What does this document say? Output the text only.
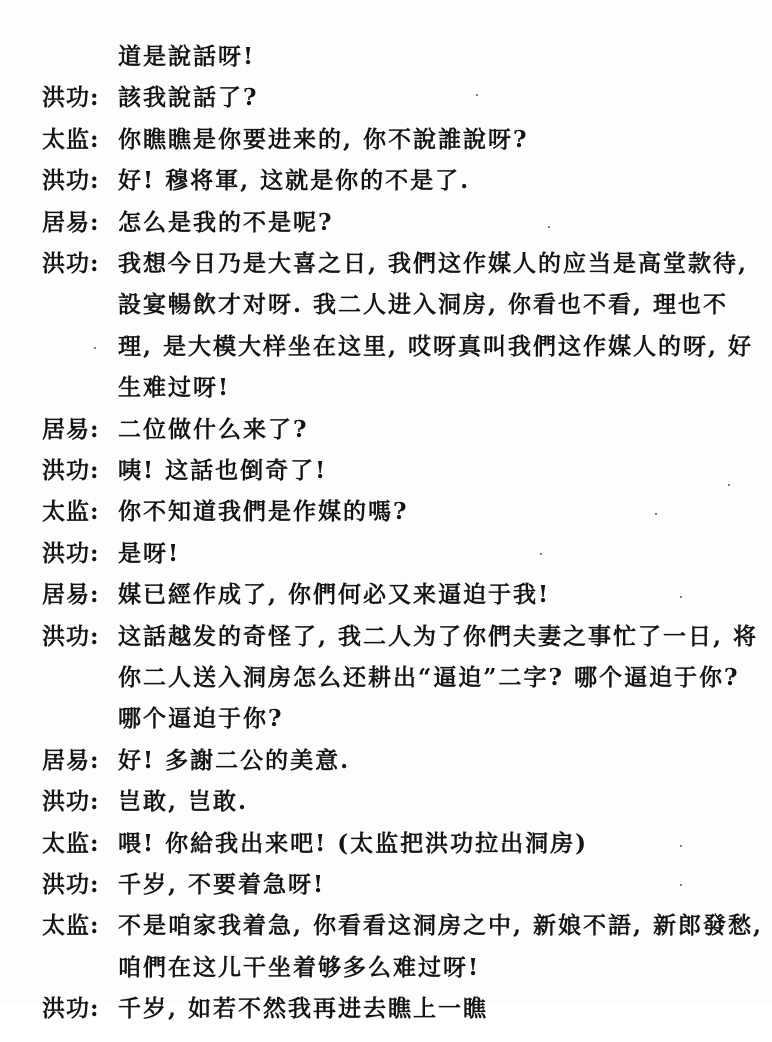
道是說話呀!
洪功: 該我說話了?
太监: 你瞧瞧是你要进来的, 你不說誰說呀?
洪功: 好! 穆将軍, 这就是你的不是了.
居易: 怎么是我的不是呢?
洪功: 我想今日乃是大喜之日, 我們这作媒人的应当是高堂款待,
設宴暢飲才对呀. 我二人进入洞房, 你看也不看, 理也不
理, 是大模大样坐在这里, 哎呀真叫我們这作媒人的呀, 好
生难过呀!
居易: 二位做什么来了?
洪功: 咦! 这話也倒奇了!
太监: 你不知道我們是作媒的嗎?
洪功: 是呀!
居易: 媒已經作成了, 你們何必又来逼迫于我!
洪功: 这話越发的奇怪了, 我二人为了你們夫妻之事忙了一日, 将
你二人送入洞房怎么还耕出“逼迫”二字? 哪个逼迫于你?
哪个逼迫于你?
居易: 好! 多謝二公的美意.
洪功: 岂敢, 岂敢.
太监: 喂! 你給我出来吧! (太监把洪功拉出洞房)
洪功: 千岁, 不要着急呀!
太监: 不是咱家我着急, 你看看这洞房之中, 新娘不語, 新郎發愁,
咱們在这儿干坐着够多么难过呀!
洪功: 千岁, 如若不然我再进去瞧上一瞧
